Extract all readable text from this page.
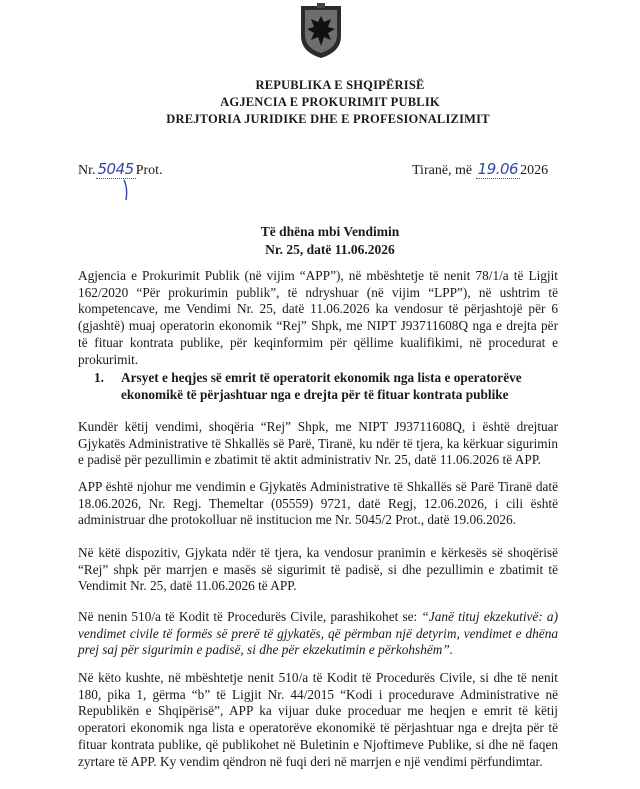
REPUBLIKA E SHQIPËRISË
AGJENCIA E PROKURIMIT PUBLIK
DREJTORIA JURIDIKE DHE E PROFESIONALIZIMIT
Nr. 5045 Prot.	Tiranë, më 19.06 2026
Të dhëna mbi Vendimin
Nr. 25, datë 11.06.2026

Agjencia e Prokurimit Publik (në vijim “APP”), në mbështetje të nenit 78/1/a të Ligjit 162/2020 “Për prokurimin publik”, të ndryshuar (në vijim “LPP”), në ushtrim të kompetencave, me Vendimi Nr. 25, datë 11.06.2026 ka vendosur të përjashtojë për 6 (gjashtë) muaj operatorin ekonomik “Rej” Shpk, me NIPT J93711608Q nga e drejta për të fituar kontrata publike, për keqinformim për qëllime kualifikimi, në procedurat e prokurimit.

1. Arsyet e heqjes së emrit të operatorit ekonomik nga lista e operatorëve ekonomikë të përjashtuar nga e drejta për të fituar kontrata publike

Kundër këtij vendimi, shoqëria “Rej” Shpk, me NIPT J93711608Q, i është drejtuar Gjykatës Administrative të Shkallës së Parë, Tiranë, ku ndër të tjera, ka kërkuar sigurimin e padisë për pezullimin e zbatimit të aktit administrativ Nr. 25, datë 11.06.2026 të APP.

APP është njohur me vendimin e Gjykatës Administrative të Shkallës së Parë Tiranë datë 18.06.2026, Nr. Regj. Themeltar (05559) 9721, datë Regj, 12.06.2026, i cili është administruar dhe protokolluar në institucion me Nr. 5045/2 Prot., datë 19.06.2026.

Në këtë dispozitiv, Gjykata ndër të tjera, ka vendosur pranimin e kërkesës së shoqërisë “Rej” shpk për marrjen e masës së sigurimit të padisë, si dhe pezullimin e zbatimit të Vendimit Nr. 25, datë 11.06.2026 të APP.

Në nenin 510/a të Kodit të Procedurës Civile, parashikohet se: “Janë tituj ekzekutivë: a) vendimet civile të formës së prerë të gjykatës, që përmban një detyrim, vendimet e dhëna prej saj për sigurimin e padisë, si dhe për ekzekutimin e përkohshëm”.

Në këto kushte, në mbështetje nenit 510/a të Kodit të Procedurës Civile, si dhe të nenit 180, pika 1, gërma “b” të Ligjit Nr. 44/2015 “Kodi i procedurave Administrative në Republikën e Shqipërisë”, APP ka vijuar duke proceduar me heqjen e emrit të këtij operatori ekonomik nga lista e operatorëve ekonomikë të përjashtuar nga e drejta për të fituar kontrata publike, që publikohet në Buletinin e Njoftimeve Publike, si dhe në faqen zyrtare të APP. Ky vendim qëndron në fuqi deri në marrjen e një vendimi përfundimtar.
